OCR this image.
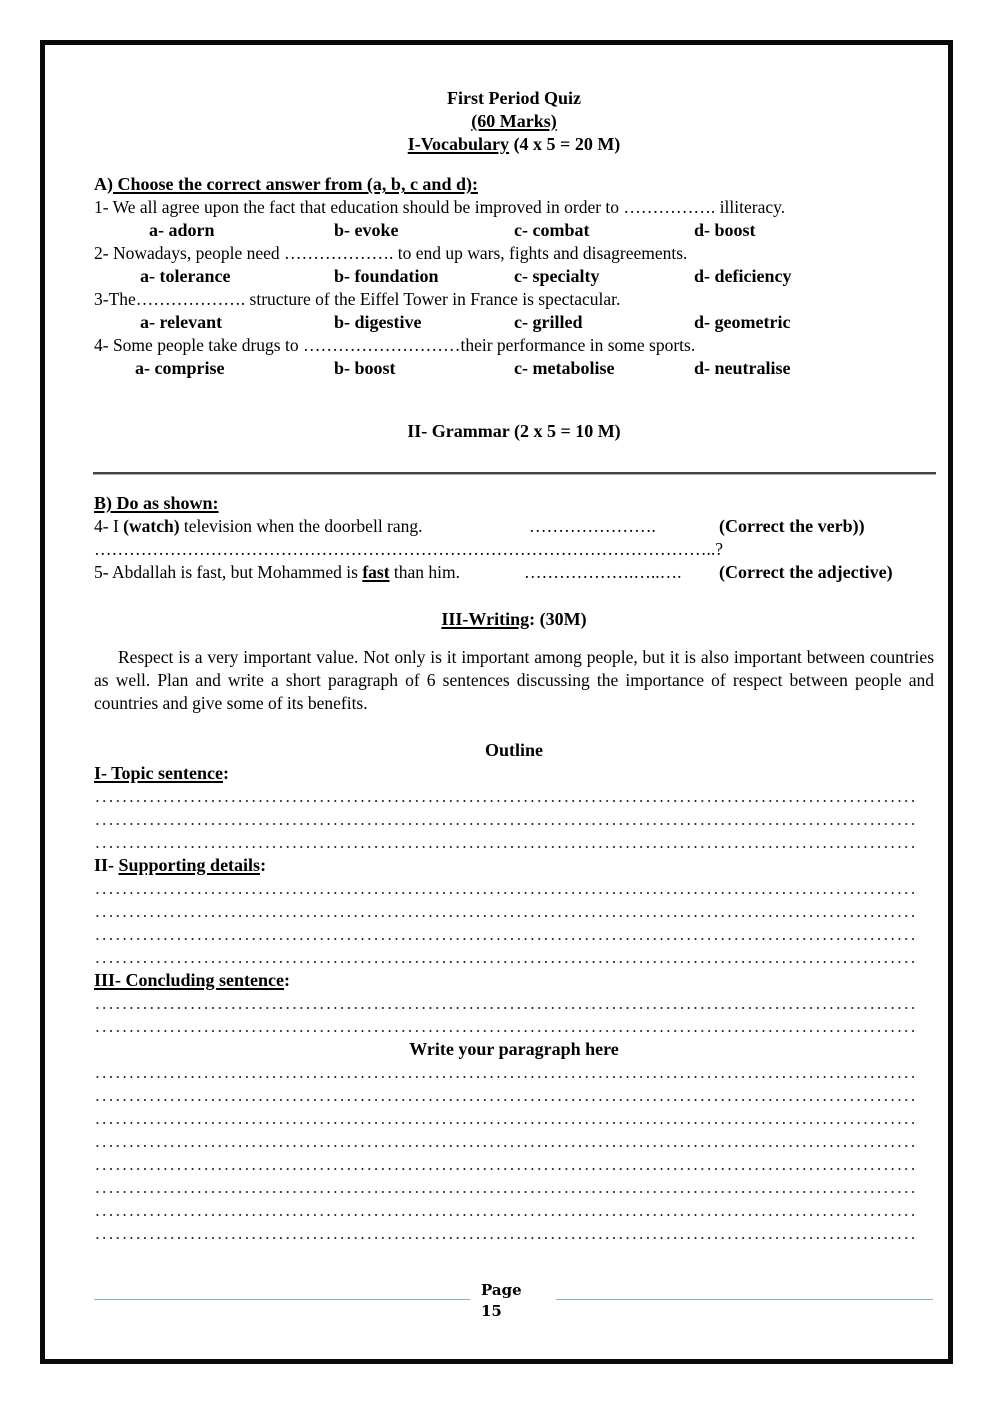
First Period Quiz
(60 Marks)
I-Vocabulary (4 x 5 = 20 M)
A) Choose the correct answer from (a, b, c and d):
1- We all agree upon the fact that education should be improved in order to ……………. illiteracy.
a- adorn	b- evoke	c- combat	d- boost
2- Nowadays, people need ………………. to end up wars, fights and disagreements.
a- tolerance	b- foundation	c- specialty	d- deficiency
3-The………………. structure of the Eiffel Tower in France is spectacular.
a- relevant	b- digestive	c- grilled	d- geometric
4- Some people take drugs to ………………………their performance in some sports.
a- comprise	b- boost	c- metabolise	d- neutralise
II- Grammar (2 x 5 = 10 M)
B) Do as shown:
4- I (watch) television when the doorbell rang.	………………….	(Correct the verb))
……………………………………………………………………………………………..?
5- Abdallah is fast, but Mohammed is fast than him.	……………….…..…. (Correct the adjective)
III-Writing: (30M)
Respect is a very important value. Not only is it important among people, but it is also important between countries as well. Plan and write a short paragraph of 6 sentences discussing the importance of respect between people and countries and give some of its benefits.
Outline
I- Topic sentence:
II- Supporting details:
III- Concluding sentence:
Write your paragraph here
Page
15
